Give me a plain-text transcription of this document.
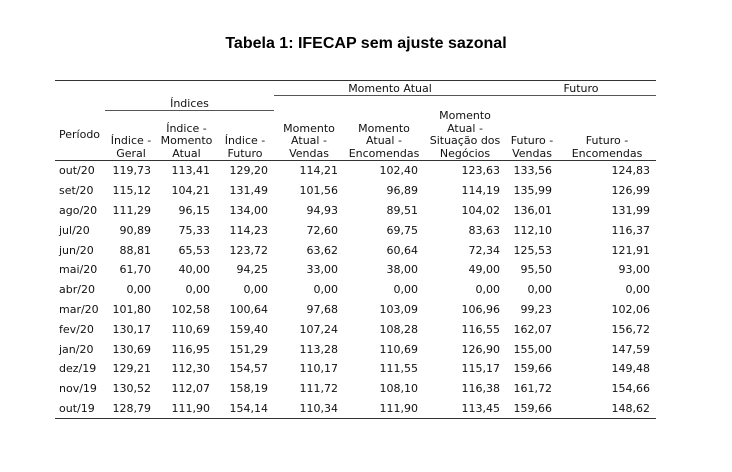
Tabela 1: IFECAP sem ajuste sazonal
				Momento Atual			Futuro	
	Índices							
Período	Índice -Geral	Índice - Momento Atual	Índice - Futuro	Momento Atual - Vendas	Momento Atual - Encomendas	Momento Atual - Situação dos Negócios	Futuro - Vendas	Futuro - Encomendas
out/20	119,73	113,41	129,20	114,21	102,40	123,63	133,56	124,83
set/20	115,12	104,21	131,49	101,56	96,89	114,19	135,99	126,99
ago/20	111,29	96,15	134,00	94,93	89,51	104,02	136,01	131,99
jul/20	90,89	75,33	114,23	72,60	69,75	83,63	112,10	116,37
jun/20	88,81	65,53	123,72	63,62	60,64	72,34	125,53	121,91
mai/20	61,70	40,00	94,25	33,00	38,00	49,00	95,50	93,00
abr/20	0,00	0,00	0,00	0,00	0,00	0,00	0,00	0,00
mar/20	101,80	102,58	100,64	97,68	103,09	106,96	99,23	102,06
fev/20	130,17	110,69	159,40	107,24	108,28	116,55	162,07	156,72
jan/20	130,69	116,95	151,29	113,28	110,69	126,90	155,00	147,59
dez/19	129,21	112,30	154,57	110,17	111,55	115,17	159,66	149,48
nov/19	130,52	112,07	158,19	111,72	108,10	116,38	161,72	154,66
out/19	128,79	111,90	154,14	110,34	111,90	113,45	159,66	148,62
